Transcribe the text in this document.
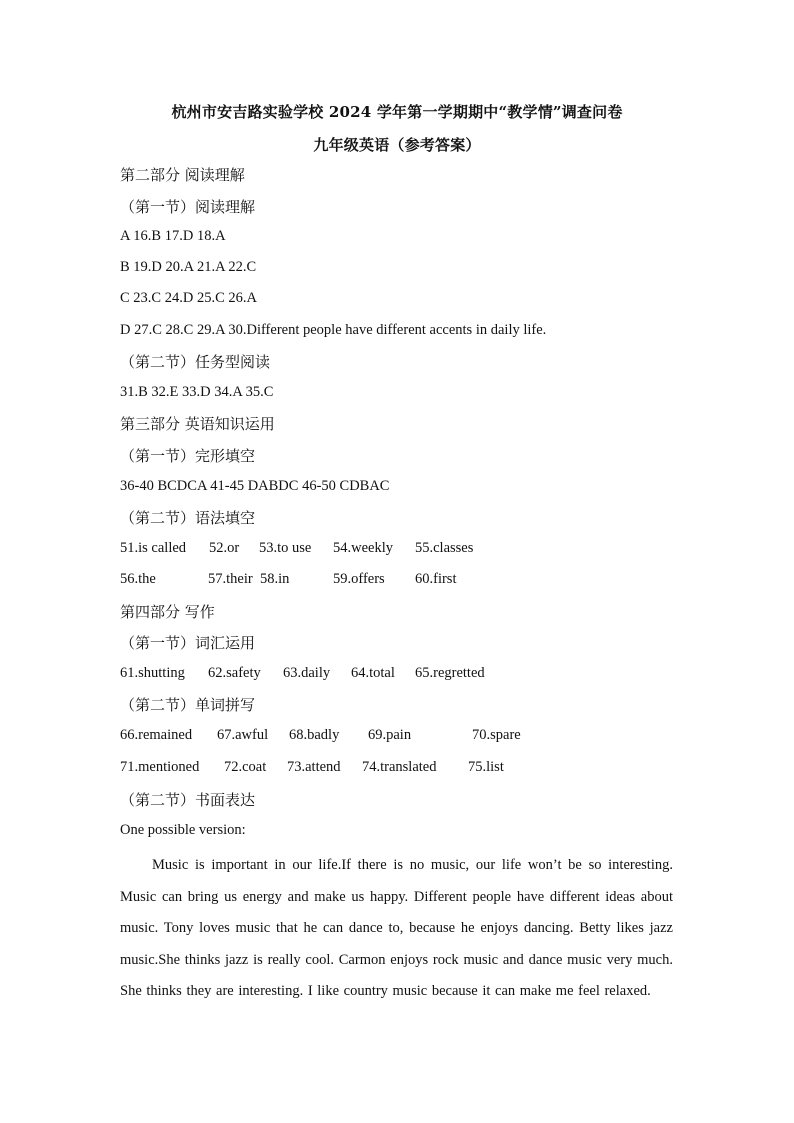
杭州市安吉路实验学校 2024 学年第一学期期中“教学情”调查问卷
九年级英语（参考答案）
第二部分 阅读理解
（第一节）阅读理解
A 16.B 17.D 18.A
B 19.D 20.A 21.A 22.C
C 23.C 24.D 25.C 26.A
D 27.C 28.C 29.A 30.Different people have different accents in daily life.
（第二节）任务型阅读
31.B 32.E 33.D 34.A 35.C
第三部分 英语知识运用
（第一节）完形填空
36-40 BCDCA 41-45 DABDC 46-50 CDBAC
（第二节）语法填空
51.is called 52.or 53.to use 54.weekly 55.classes
56.the	57.their 58.in	59.offers 60.first
第四部分 写作
（第一节）词汇运用
61.shutting 62.safety 63.daily 64.total 65.regretted
（第二节）单词拼写
66.remained 67.awful 68.badly 69.pain	70.spare
71.mentioned 72.coat 73.attend 74.translated 75.list
（第二节）书面表达
One possible version:
Music is important in our life.If there is no music, our life won’t be so interesting. Music can bring us energy and make us happy. Different people have different ideas about music. Tony loves music that he can dance to, because he enjoys dancing. Betty likes jazz music.She thinks jazz is really cool. Carmon enjoys rock music and dance music very much. She thinks they are interesting. I like country music because it can make me feel relaxed.
